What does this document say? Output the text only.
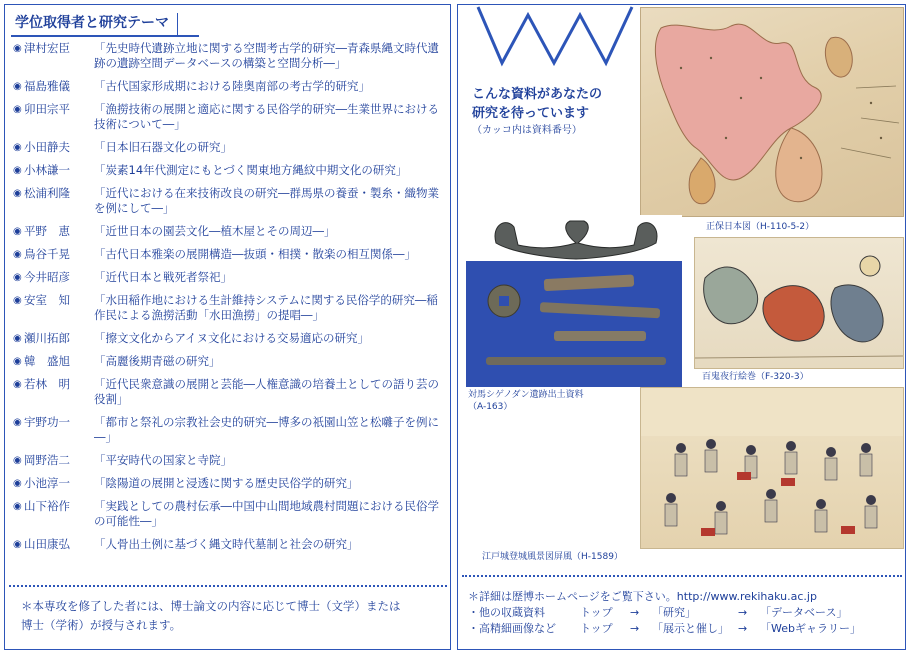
学位取得者と研究テーマ
◉ 津村宏臣	「先史時代遺跡立地に関する空間考古学的研究―青森県縄文時代遺跡の遺跡空間データベースの構築と空間分析―」
◉ 福島雅儀	「古代国家形成期における陸奥南部の考古学的研究」
◉ 卯田宗平	「漁撈技術の展開と適応に関する民俗学的研究―生業世界における技術について―」
◉ 小田静夫	「日本旧石器文化の研究」
◉ 小林謙一	「炭素14年代測定にもとづく関東地方縄紋中期文化の研究」
◉ 松浦利隆	「近代における在来技術改良の研究―群馬県の養蚕・製糸・織物業を例にして―」
◉ 平野　恵	「近世日本の園芸文化―植木屋とその周辺―」
◉ 鳥谷千晃	「古代日本雅楽の展開構造―抜頭・相撲・散楽の相互関係―」
◉ 今井昭彦	「近代日本と戦死者祭祀」
◉ 安室　知	「水田稲作地における生計維持システムに関する民俗学的研究―稲作民による漁撈活動「水田漁撈」の提唱―」
◉ 瀬川拓郎	「擦文文化からアイヌ文化における交易適応の研究」
◉ 韓　盛旭	「高麗後期青磁の研究」
◉ 若林　明	「近代民衆意識の展開と芸能―人権意識の培養土としての語り芸の役割」
◉ 宇野功一	「都市と祭礼の宗教社会史的研究―博多の祇園山笠と松囃子を例に―」
◉ 岡野浩二	「平安時代の国家と寺院」
◉ 小池淳一	「陰陽道の展開と浸透に関する歴史民俗学的研究」
◉ 山下裕作	「実践としての農村伝承―中国中山間地域農村問題における民俗学の可能性―」
◉ 山田康弘	「人骨出土例に基づく縄文時代墓制と社会の研究」
＊本専攻を修了した者には、博士論文の内容に応じて博士（文学）または
博士（学術）が授与されます。
こんな資料があなたの
研究を待っています
（カッコ内は資料番号）
正保日本図（H-110-5-2）
百鬼夜行絵巻（F-320-3）
対馬シゲノダン遺跡出土資料
（A-163）
江戸城登城風景図屏風（H-1589）
＊詳細は歴博ホームページをご覧下さい。http://www.rekihaku.ac.jp
・他の収蔵資料	トップ	→	「研究」	→	「データベース」
・高精細画像など	トップ	→	「展示と催し」 →	「Webギャラリー」
